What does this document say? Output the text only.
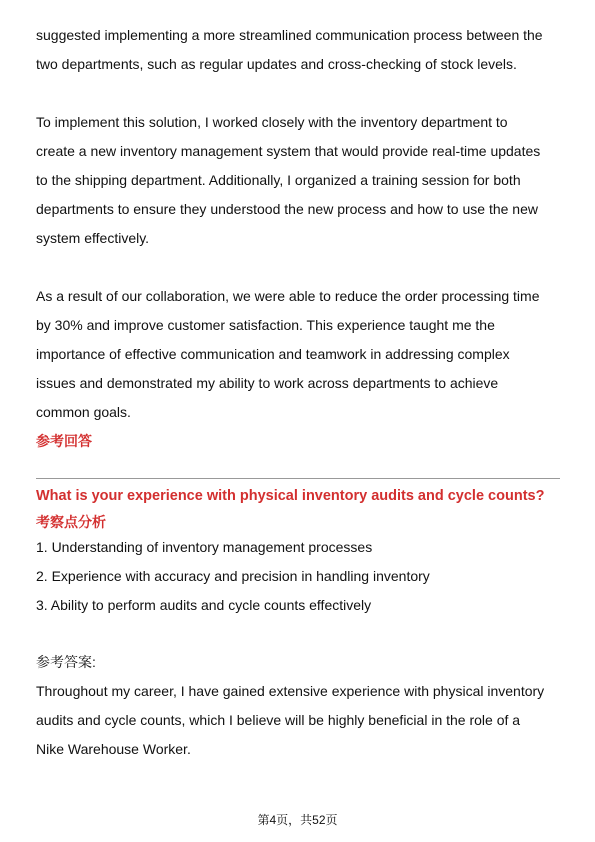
suggested implementing a more streamlined communication process between the

two departments, such as regular updates and cross-checking of stock levels.

To implement this solution, I worked closely with the inventory department to

create a new inventory management system that would provide real-time updates

to the shipping department. Additionally, I organized a training session for both

departments to ensure they understood the new process and how to use the new

system effectively.

As a result of our collaboration, we were able to reduce the order processing time

by 30% and improve customer satisfaction. This experience taught me the

importance of effective communication and teamwork in addressing complex

issues and demonstrated my ability to work across departments to achieve

common goals.

参考回答

What is your experience with physical inventory audits and cycle counts?

考察点分析
1. Understanding of inventory management processes
2. Experience with accuracy and precision in handling inventory
3. Ability to perform audits and cycle counts effectively

参考答案:

Throughout my career, I have gained extensive experience with physical inventory

audits and cycle counts, which I believe will be highly beneficial in the role of a

Nike Warehouse Worker.

第4页，共52页
